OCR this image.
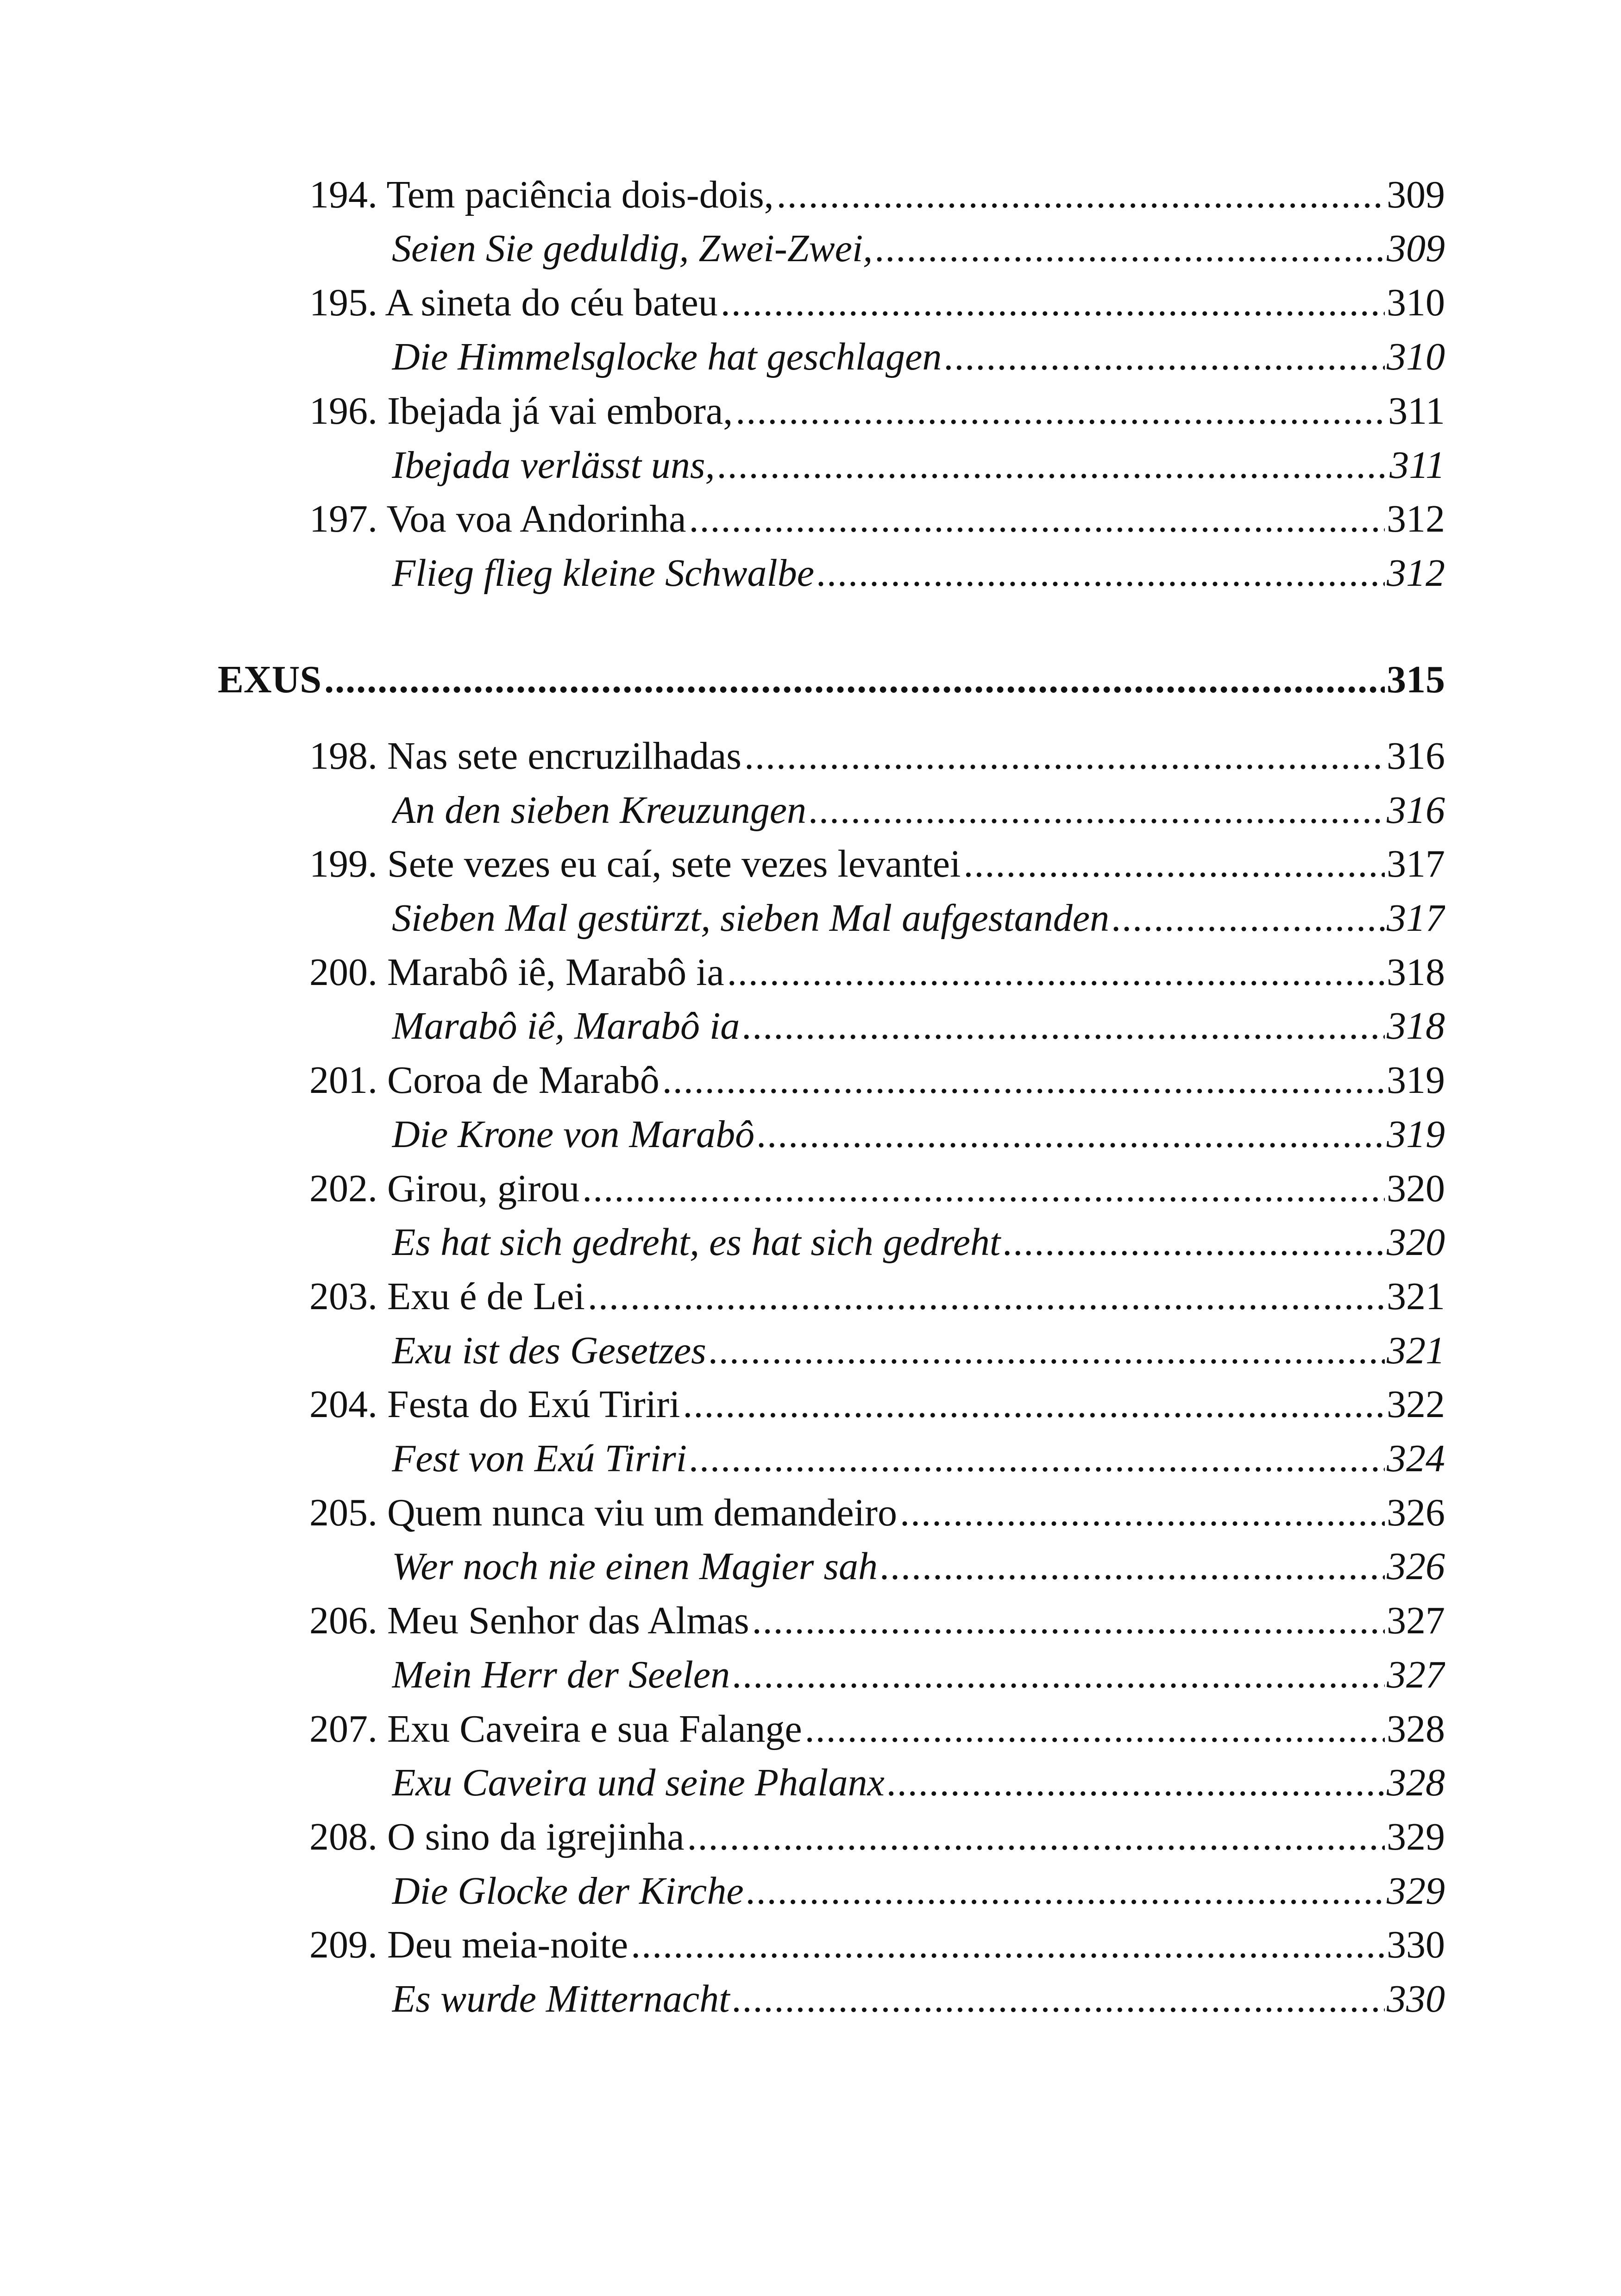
194. Tem paciência dois-dois, .....	309
Seien Sie geduldig, Zwei-Zwei, .....	309
195. A sineta do céu bateu .....	310
Die Himmelsglocke hat geschlagen .....	310
196. Ibejada já vai embora, .....	311
Ibejada verlässt uns, .....	311
197. Voa voa Andorinha .....	312
Flieg flieg kleine Schwalbe .....	312
EXUS .....	315
198. Nas sete encruzilhadas .....	316
An den sieben Kreuzungen .....	316
199. Sete vezes eu caí, sete vezes levantei .....	317
Sieben Mal gestürzt, sieben Mal aufgestanden .....	317
200. Marabô iê, Marabô ia .....	318
Marabô iê, Marabô ia .....	318
201. Coroa de Marabô .....	319
Die Krone von Marabô .....	319
202. Girou, girou .....	320
Es hat sich gedreht, es hat sich gedreht .....	320
203. Exu é de Lei .....	321
Exu ist des Gesetzes .....	321
204. Festa do Exú Tiriri .....	322
Fest von Exú Tiriri .....	324
205. Quem nunca viu um demandeiro .....	326
Wer noch nie einen Magier sah .....	326
206. Meu Senhor das Almas .....	327
Mein Herr der Seelen .....	327
207. Exu Caveira e sua Falange .....	328
Exu Caveira und seine Phalanx .....	328
208. O sino da igrejinha .....	329
Die Glocke der Kirche .....	329
209. Deu meia-noite .....	330
Es wurde Mitternacht .....	330
